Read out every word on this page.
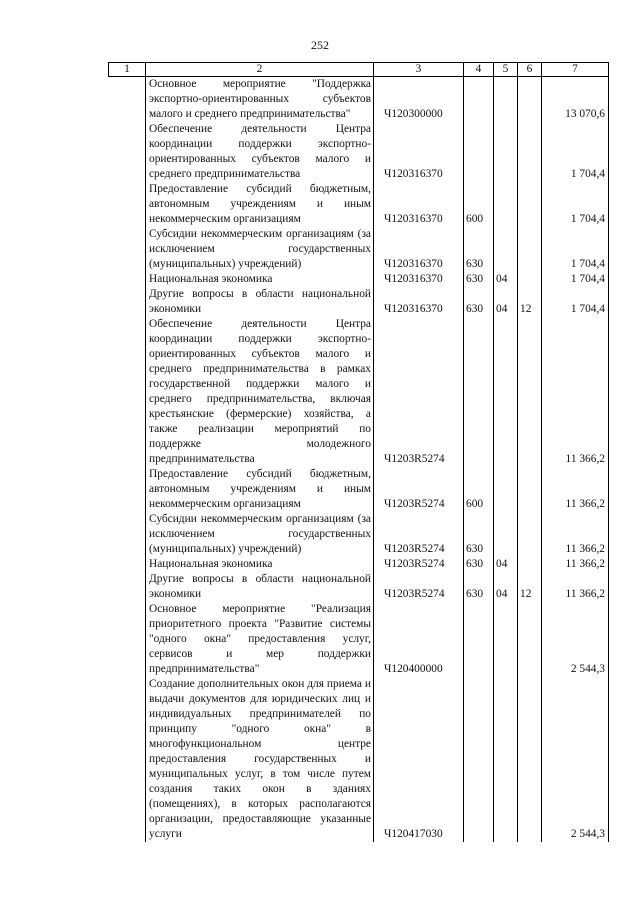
252
1	2	3	4	5	6	7
	Основное мероприятие "Поддержка экспортно-ориентированных субъектов малого и среднего предпринимательства"	Ч120300000				13 070,6
	Обеспечение деятельности Центра координации поддержки экспортно-ориентированных субъектов малого и среднего предпринимательства	Ч120316370				1 704,4
	Предоставление субсидий бюджетным, автономным учреждениям и иным некоммерческим организациям	Ч120316370	600			1 704,4
	Субсидии некоммерческим организациям (за исключением государственных (муниципальных) учреждений)	Ч120316370	630			1 704,4
	Национальная экономика	Ч120316370	630	04		1 704,4
	Другие вопросы в области национальной экономики	Ч120316370	630	04	12	1 704,4
	Обеспечение деятельности Центра координации поддержки экспортно-ориентированных субъектов малого и среднего предпринимательства в рамках государственной поддержки малого и среднего предпринимательства, включая крестьянские (фермерские) хозяйства, а также реализации мероприятий по поддержке молодежного предпринимательства	Ч1203R5274				11 366,2
	Предоставление субсидий бюджетным, автономным учреждениям и иным некоммерческим организациям	Ч1203R5274	600			11 366,2
	Субсидии некоммерческим организациям (за исключением государственных (муниципальных) учреждений)	Ч1203R5274	630			11 366,2
	Национальная экономика	Ч1203R5274	630	04		11 366,2
	Другие вопросы в области национальной экономики	Ч1203R5274	630	04	12	11 366,2
	Основное мероприятие "Реализация приоритетного проекта "Развитие системы "одного окна" предоставления услуг, сервисов и мер поддержки предпринимательства"	Ч120400000				2 544,3
	Создание дополнительных окон для приема и выдачи документов для юридических лиц и индивидуальных предпринимателей по принципу "одного окна" в многофункциональном центре предоставления государственных и муниципальных услуг, в том числе путем создания таких окон в зданиях (помещениях), в которых располагаются организации, предоставляющие указанные услуги	Ч120417030				2 544,3
